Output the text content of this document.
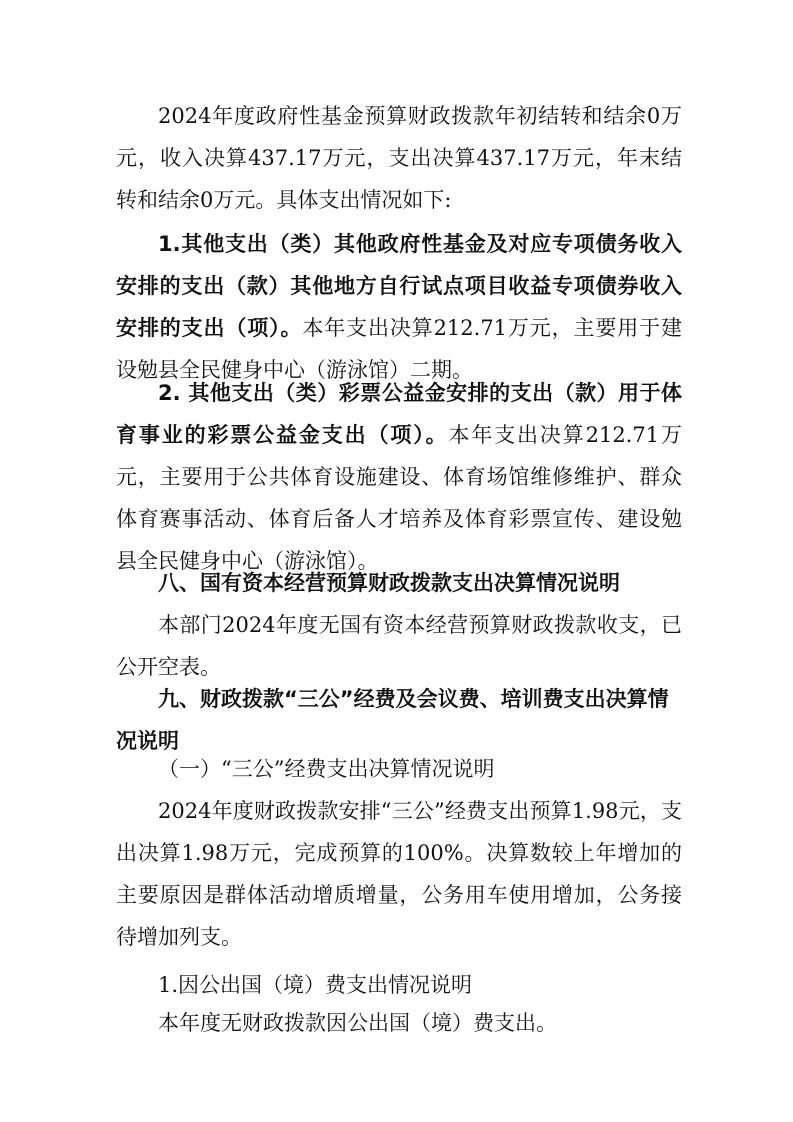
2024年度政府性基金预算财政拨款年初结转和结余0万元，收入决算437.17万元，支出决算437.17万元，年末结转和结余0万元。具体支出情况如下:

1.其他支出（类）其他政府性基金及对应专项债务收入安排的支出（款）其他地方自行试点项目收益专项债券收入安排的支出（项）。本年支出决算212.71万元，主要用于建设勉县全民健身中心（游泳馆）二期。

2. 其他支出（类）彩票公益金安排的支出（款）用于体育事业的彩票公益金支出（项）。本年支出决算212.71万元，主要用于公共体育设施建设、体育场馆维修维护、群众体育赛事活动、体育后备人才培养及体育彩票宣传、建设勉县全民健身中心（游泳馆）。

八、国有资本经营预算财政拨款支出决算情况说明

本部门2024年度无国有资本经营预算财政拨款收支，已公开空表。

九、财政拨款“三公”经费及会议费、培训费支出决算情况说明

（一）“三公”经费支出决算情况说明

2024年度财政拨款安排“三公”经费支出预算1.98元，支出决算1.98万元，完成预算的100%。决算数较上年增加的主要原因是群体活动增质增量，公务用车使用增加，公务接待增加列支。

1.因公出国（境）费支出情况说明

本年度无财政拨款因公出国（境）费支出。
